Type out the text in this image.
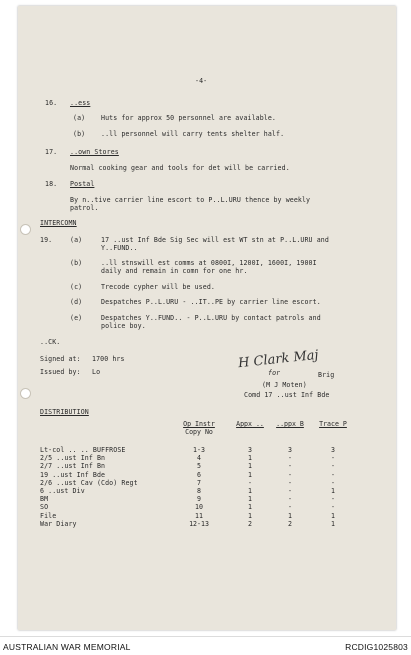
-4-
16. ..ess
(a) Huts for approx 50 personnel are available.
(b) ..ll personnel will carry tents shelter half.
17. ..own Stores
Normal cooking gear and tools for det will be carried.
18. Postal
By n..tive carrier line escort to P..L.URU thence by weekly
patrol.
INTERCOMN
19.	(a)	17 ..ust Inf Bde Sig Sec will est WT stn at P..L.URU and
Y..FUND..
(b)	..ll stnswill est comms at 0800I, 1200I, 1600I, 1900I
daily and remain in comn for one hr.
(c)	Trecode cypher will be used.
(d)	Despatches P..L.URU - ..IT..PE by carrier line escort.
(e)	Despatches Y..FUND.. - P..L.URU by contact patrols and
police boy.
..CK.
Signed at: 1700 hrs
Issued by: Lo
H Clark Maj
for	Brig
(M J Moten)
Comd 17 ..ust Inf Bde
DISTRIBUTION
Op Instr
Copy No
Appx ..	..ppx B	Trace P
Lt-col .. .. BUFFROSE	1-3	3	3	3
2/5 ..ust Inf Bn	4	1	-	-
2/7 ..ust Inf Bn	5	1	-	-
19 ..ust Inf Bde	6	1	-	-
2/6 ..ust Cav (Cdo) Regt	7	-	-	-
6 ..ust Div	8	1	-	1
BM	9	1	-	-
SO	10	1	-	-
File	11	1	1	1
War Diary	12-13	2	2	1
AUSTRALIAN WAR MEMORIAL	RCDIG1025803
